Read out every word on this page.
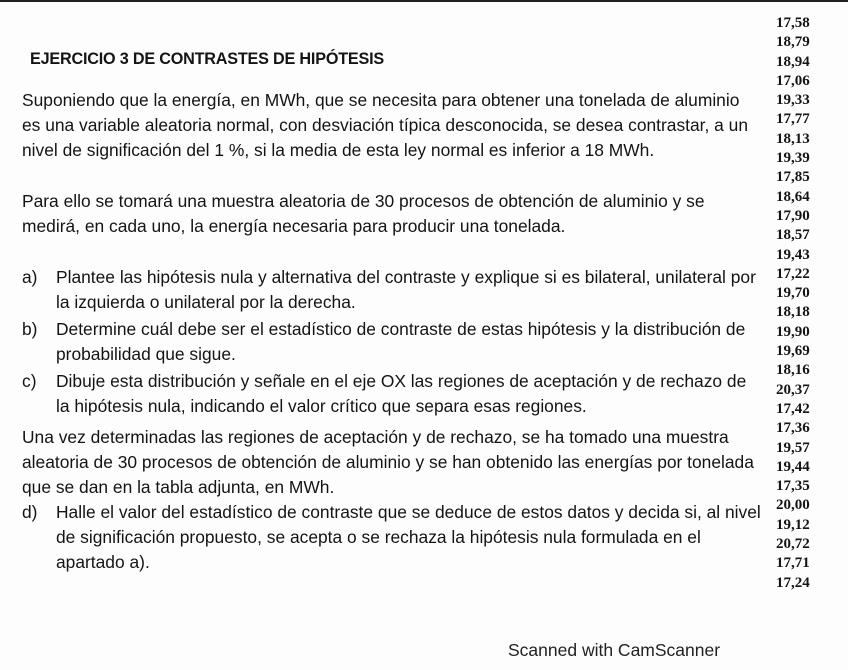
EJERCICIO 3 DE CONTRASTES DE HIPÓTESIS

Suponiendo que la energía, en MWh, que se necesita para obtener una tonelada de aluminio es una variable aleatoria normal, con desviación típica desconocida, se desea contrastar, a un nivel de significación del 1 %, si la media de esta ley normal es inferior a 18 MWh.

Para ello se tomará una muestra aleatoria de 30 procesos de obtención de aluminio y se medirá, en cada uno, la energía necesaria para producir una tonelada.

a) Plantee las hipótesis nula y alternativa del contraste y explique si es bilateral, unilateral por la izquierda o unilateral por la derecha.
b) Determine cuál debe ser el estadístico de contraste de estas hipótesis y la distribución de probabilidad que sigue.
c) Dibuje esta distribución y señale en el eje OX las regiones de aceptación y de rechazo de la hipótesis nula, indicando el valor crítico que separa esas regiones.

Una vez determinadas las regiones de aceptación y de rechazo, se ha tomado una muestra aleatoria de 30 procesos de obtención de aluminio y se han obtenido las energías por tonelada que se dan en la tabla adjunta, en MWh.

d) Halle el valor del estadístico de contraste que se deduce de estos datos y decida si, al nivel de significación propuesto, se acepta o se rechaza la hipótesis nula formulada en el apartado a).
17,58
18,79
18,94
17,06
19,33
17,77
18,13
19,39
17,85
18,64
17,90
18,57
19,43
17,22
19,70
18,18
19,90
19,69
18,16
20,37
17,42
17,36
19,57
19,44
17,35
20,00
19,12
20,72
17,71
17,24

Scanned with CamScanner
